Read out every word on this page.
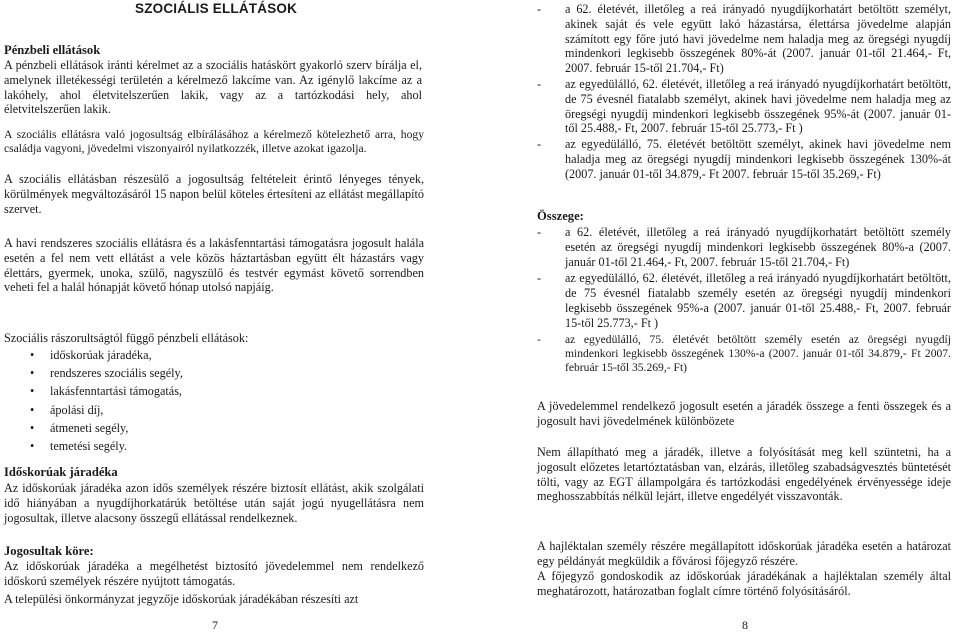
SZOCIÁLIS ELLÁTÁSOK

Pénzbeli ellátások

A pénzbeli ellátások iránti kérelmet az a szociális hatáskört gyakorló szerv bírálja el, amelynek illetékességi területén a kérelmező lakcíme van. Az igénylő lakcíme az a lakóhely, ahol életvitelszerűen lakik, vagy az a tartózkodási hely, ahol életvitelszerűen lakik.

A szociális ellátásra való jogosultság elbírálásához a kérelmező kötelezhető arra, hogy családja vagyoni, jövedelmi viszonyairól nyilatkozzék, illetve azokat igazolja.

A szociális ellátásban részesülő a jogosultság feltételeit érintő lényeges tények, körülmények megváltozásáról 15 napon belül köteles értesíteni az ellátást megállapító szervet.

A havi rendszeres szociális ellátásra és a lakásfenntartási támogatásra jogosult halála esetén a fel nem vett ellátást a vele közös háztartásban együtt élt házastárs vagy élettárs, gyermek, unoka, szülő, nagyszülő és testvér egymást követő sorrendben veheti fel a halál hónapját követő hónap utolsó napjáig.

Szociális rászorultságtól függő pénzbeli ellátások:

• időskorúak járadéka,
• rendszeres szociális segély,
• lakásfenntartási támogatás,
• ápolási díj,
• átmeneti segély,
• temetési segély.

Időskorúak járadéka

Az időskorúak járadéka azon idős személyek részére biztosít ellátást, akik szolgálati idő hiányában a nyugdíjhorkatárúk betöltése után saját jogú nyugellátásra nem jogosultak, illetve alacsony összegű ellátással rendelkeznek.

Jogosultak köre:

Az időskorúak járadéka a megélhetést biztosító jövedelemmel nem rendelkező időskorú személyek részére nyújtott támogatás.

A települési önkormányzat jegyzője időskorúak járadékában részesíti azt

7
- a 62. életévét, illetőleg a reá irányadó nyugdíjkorhatárt betöltött személyt, akinek saját és vele együtt lakó házastársa, élettársa jövedelme alapján számított egy főre jutó havi jövedelme nem haladja meg az öregségi nyugdíj mindenkori legkisebb összegének 80%-át (2007. január 01-től 21.464,- Ft, 2007. február 15-től 21.704,- Ft)
- az egyedülálló, 62. életévét, illetőleg a reá irányadó nyugdíjkorhatárt betöltött, de 75 évesnél fiatalabb személyt, akinek havi jövedelme nem haladja meg az öregségi nyugdíj mindenkori legkisebb összegének 95%-át (2007. január 01-től 25.488,- Ft, 2007. február 15-től 25.773,- Ft )
- az egyedülálló, 75. életévét betöltött személyt, akinek havi jövedelme nem haladja meg az öregségi nyugdíj mindenkori legkisebb összegének 130%-át (2007. január 01-től 34.879,- Ft 2007. február 15-től 35.269,- Ft)

Összege:

- a 62. életévét, illetőleg a reá irányadó nyugdíjkorhatárt betöltött személy esetén az öregségi nyugdíj mindenkori legkisebb összegének 80%-a (2007. január 01-től 21.464,- Ft, 2007. február 15-től 21.704,- Ft)
- az egyedülálló, 62. életévét, illetőleg a reá irányadó nyugdíjkorhatárt betöltött, de 75 évesnél fiatalabb személy esetén az öregségi nyugdíj mindenkori legkisebb összegének 95%-a (2007. január 01-től 25.488,- Ft, 2007. február 15-től 25.773,- Ft )
- az egyedülálló, 75. életévét betöltött személy esetén az öregségi nyugdíj mindenkori legkisebb összegének 130%-a (2007. január 01-től 34.879,- Ft 2007. február 15-től 35.269,- Ft)

A jövedelemmel rendelkező jogosult esetén a járadék összege a fenti összegek és a jogosult havi jövedelmének különbözete

Nem állapítható meg a járadék, illetve a folyósítását meg kell szüntetni, ha a jogosult előzetes letartóztatásban van, elzárás, illetőleg szabadságvesztés büntetését tölti, vagy az EGT állampolgára és tartózkodási engedélyének érvényessége ideje meghosszabbítás nélkül lejárt, illetve engedélyét visszavonták.

A hajléktalan személy részére megállapított időskorúak járadéka esetén a határozat egy példányát megküldik a fővárosi főjegyző részére.

A főjegyző gondoskodik az időskorúak járadékának a hajléktalan személy által meghatározott, határozatban foglalt címre történő folyósításáról.

8
